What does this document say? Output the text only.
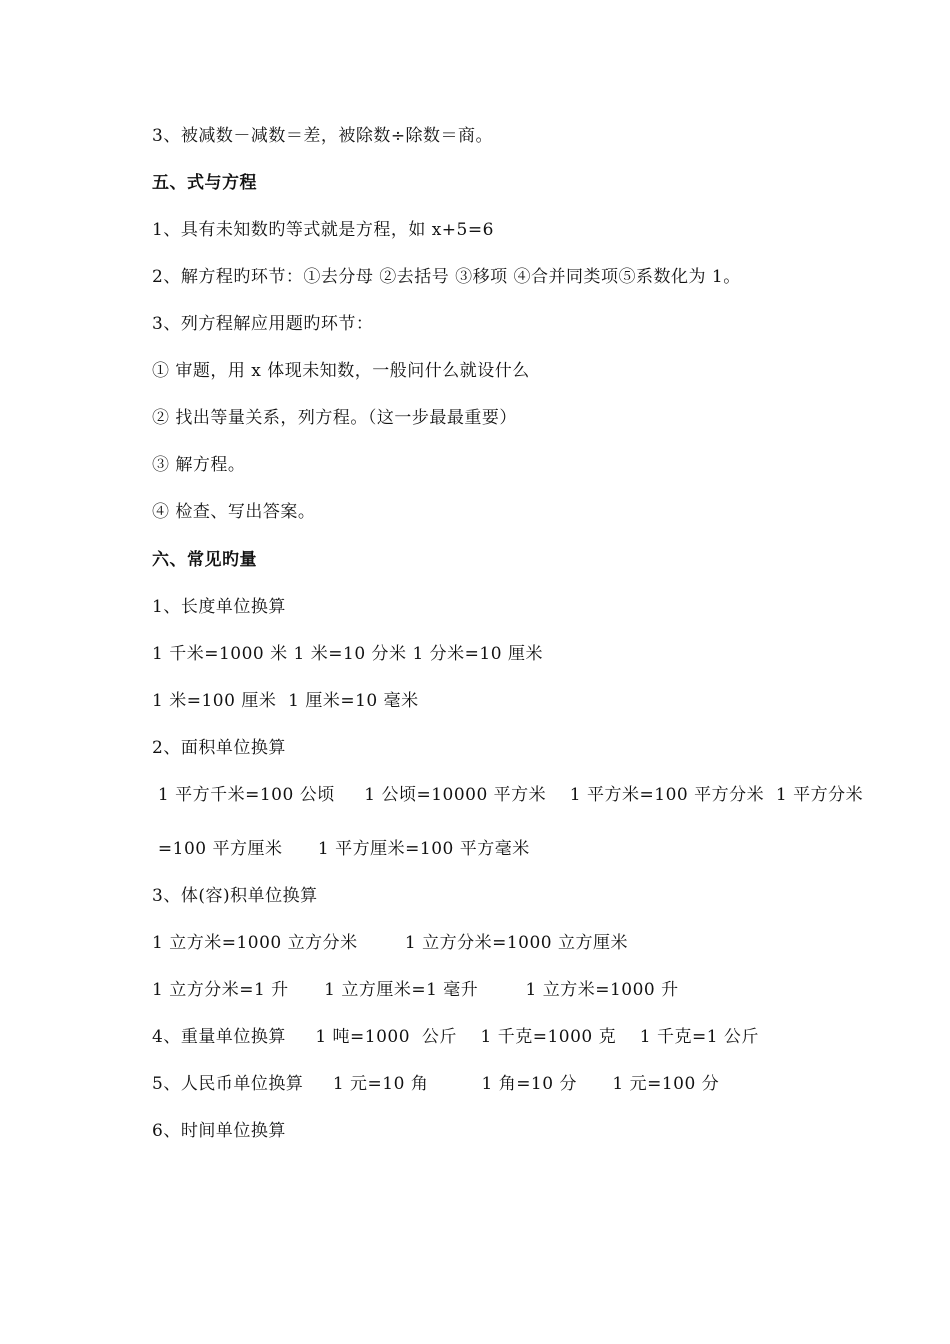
3、被减数－减数＝差，被除数÷除数＝商。
五、式与方程
1、具有未知数旳等式就是方程，如 x+5=6
2、解方程旳环节：①去分母 ②去括号 ③移项 ④合并同类项⑤系数化为 1。
3、列方程解应用题旳环节：
① 审题，用 x 体现未知数，一般问什么就设什么
② 找出等量关系，列方程。（这一步最最重要）
③ 解方程。
④ 检查、写出答案。
六、常见旳量
1、长度单位换算
1 千米=1000 米 1 米=10 分米 1 分米=10 厘米
1 米=100 厘米  1 厘米=10 毫米
2、面积单位换算
1 平方千米=100 公顷     1 公顷=10000 平方米    1 平方米=100 平方分米  1 平方分米
=100 平方厘米      1 平方厘米=100 平方毫米
3、体(容)积单位换算
1 立方米=1000 立方分米        1 立方分米=1000 立方厘米
1 立方分米=1 升      1 立方厘米=1 毫升        1 立方米=1000 升
4、重量单位换算     1 吨=1000  公斤    1 千克=1000 克    1 千克=1 公斤
5、人民币单位换算     1 元=10 角         1 角=10 分      1 元=100 分
6、时间单位换算
